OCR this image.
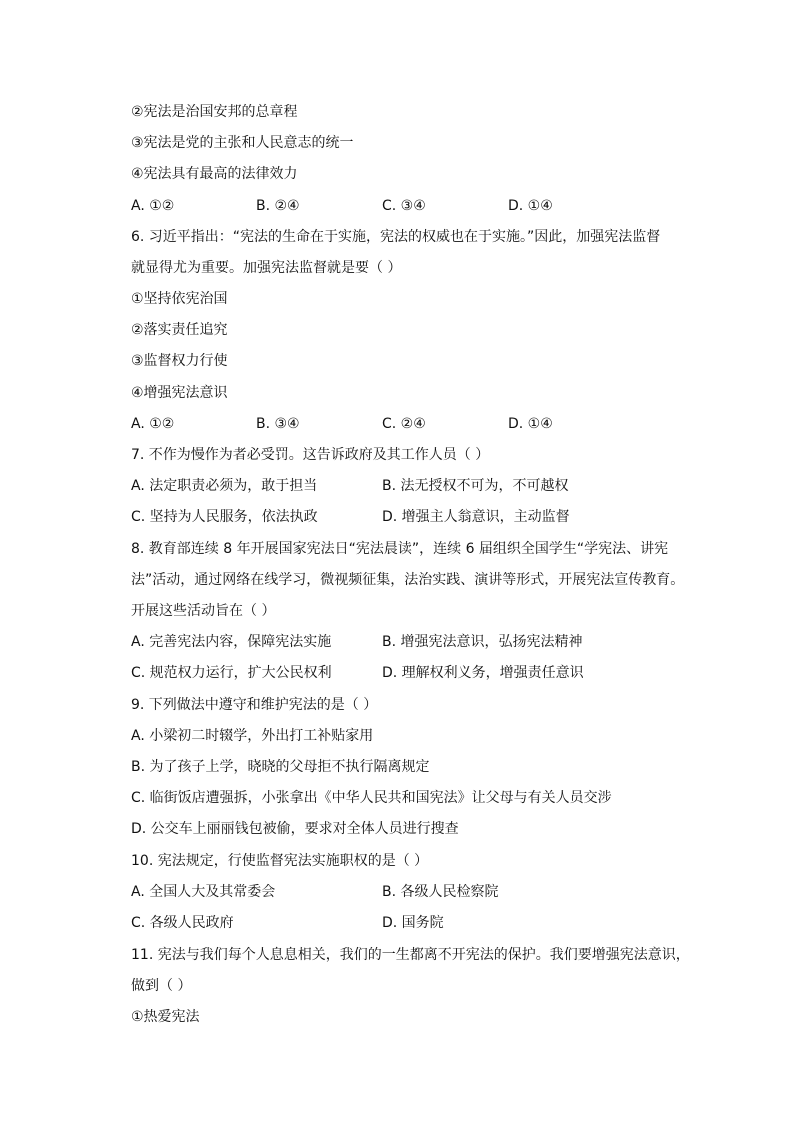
②宪法是治国安邦的总章程
③宪法是党的主张和人民意志的统一
④宪法具有最高的法律效力
A. ①②	B. ②④	C. ③④	D. ①④
6. 习近平指出：“宪法的生命在于实施，宪法的权威也在于实施。”因此，加强宪法监督
就显得尤为重要。加强宪法监督就是要（ ）
①坚持依宪治国
②落实责任追究
③监督权力行使
④增强宪法意识
A. ①②	B. ③④	C. ②④	D. ①④
7. 不作为慢作为者必受罚。这告诉政府及其工作人员（ ）
A. 法定职责必须为，敢于担当	B. 法无授权不可为，不可越权
C. 坚持为人民服务，依法执政	D. 增强主人翁意识，主动监督
8. 教育部连续 8 年开展国家宪法日“宪法晨读”，连续 6 届组织全国学生“学宪法、讲宪
法”活动，通过网络在线学习，微视频征集，法治实践、演讲等形式，开展宪法宣传教育。
开展这些活动旨在（ ）
A. 完善宪法内容，保障宪法实施	B. 增强宪法意识，弘扬宪法精神
C. 规范权力运行，扩大公民权利	D. 理解权利义务，增强责任意识
9. 下列做法中遵守和维护宪法的是（ ）
A. 小梁初二时辍学，外出打工补贴家用
B. 为了孩子上学，晓晓的父母拒不执行隔离规定
C. 临街饭店遭强拆，小张拿出《中华人民共和国宪法》让父母与有关人员交涉
D. 公交车上丽丽钱包被偷，要求对全体人员进行搜查
10. 宪法规定，行使监督宪法实施职权的是（ ）
A. 全国人大及其常委会	B. 各级人民检察院
C. 各级人民政府	D. 国务院
11. 宪法与我们每个人息息相关，我们的一生都离不开宪法的保护。我们要增强宪法意识，
做到（ ）
①热爱宪法
